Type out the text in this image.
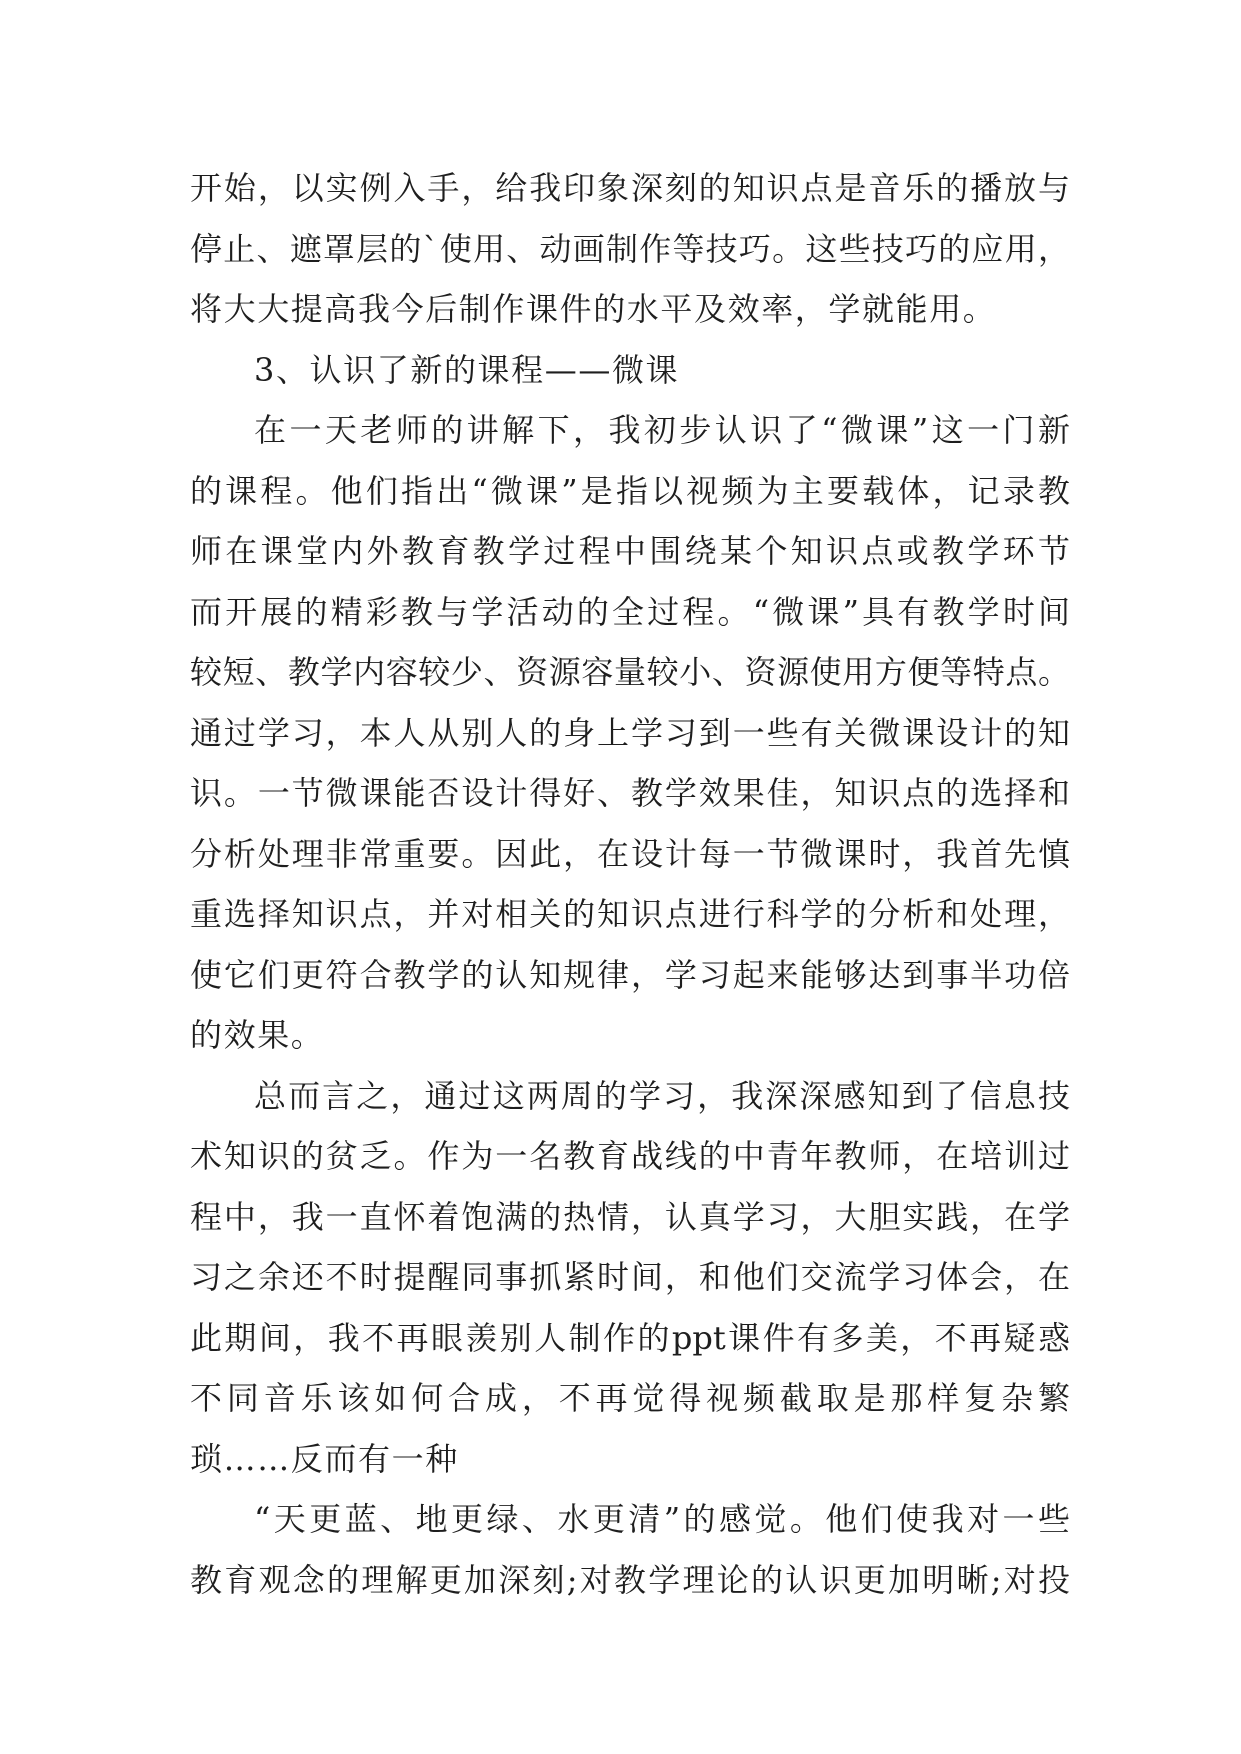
开始，以实例入手，给我印象深刻的知识点是音乐的播放与
停止、遮罩层的`使用、动画制作等技巧。这些技巧的应用，
将大大提高我今后制作课件的水平及效率，学就能用。
3、认识了新的课程——微课
在一天老师的讲解下，我初步认识了“微课”这一门新
的课程。他们指出“微课”是指以视频为主要载体，记录教
师在课堂内外教育教学过程中围绕某个知识点或教学环节
而开展的精彩教与学活动的全过程。“微课”具有教学时间
较短、教学内容较少、资源容量较小、资源使用方便等特点。
通过学习，本人从别人的身上学习到一些有关微课设计的知
识。一节微课能否设计得好、教学效果佳，知识点的选择和
分析处理非常重要。因此，在设计每一节微课时，我首先慎
重选择知识点，并对相关的知识点进行科学的分析和处理，
使它们更符合教学的认知规律，学习起来能够达到事半功倍
的效果。
总而言之，通过这两周的学习，我深深感知到了信息技
术知识的贫乏。作为一名教育战线的中青年教师，在培训过
程中，我一直怀着饱满的热情，认真学习，大胆实践，在学
习之余还不时提醒同事抓紧时间，和他们交流学习体会，在
此期间，我不再眼羡别人制作的ppt课件有多美，不再疑惑
不同音乐该如何合成，不再觉得视频截取是那样复杂繁
琐……反而有一种
“天更蓝、地更绿、水更清”的感觉。他们使我对一些
教育观念的理解更加深刻;对教学理论的认识更加明晰;对投
